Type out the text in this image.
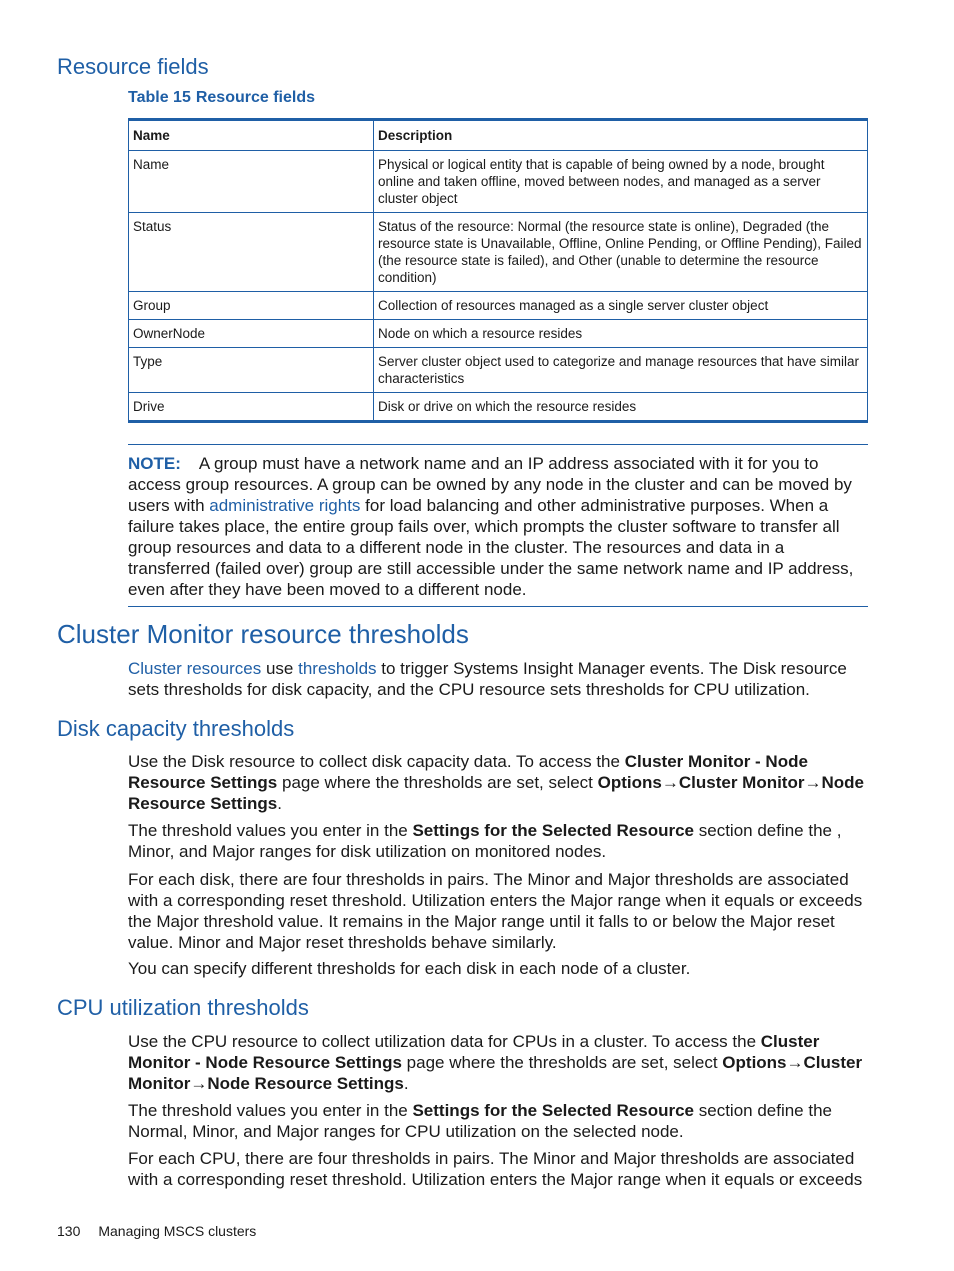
Resource fields
Table 15 Resource fields
Name	Description
Name	Physical or logical entity that is capable of being owned by a node, brought online and taken offline, moved between nodes, and managed as a server cluster object
Status	Status of the resource: Normal (the resource state is online), Degraded (the resource state is Unavailable, Offline, Online Pending, or Offline Pending), Failed (the resource state is failed), and Other (unable to determine the resource condition)
Group	Collection of resources managed as a single server cluster object
OwnerNode	Node on which a resource resides
Type	Server cluster object used to categorize and manage resources that have similar characteristics
Drive	Disk or drive on which the resource resides
NOTE: A group must have a network name and an IP address associated with it for you to access group resources. A group can be owned by any node in the cluster and can be moved by users with administrative rights for load balancing and other administrative purposes. When a failure takes place, the entire group fails over, which prompts the cluster software to transfer all group resources and data to a different node in the cluster. The resources and data in a transferred (failed over) group are still accessible under the same network name and IP address, even after they have been moved to a different node.
Cluster Monitor resource thresholds

Cluster resources use thresholds to trigger Systems Insight Manager events. The Disk resource sets thresholds for disk capacity, and the CPU resource sets thresholds for CPU utilization.

Disk capacity thresholds

Use the Disk resource to collect disk capacity data. To access the Cluster Monitor - Node Resource Settings page where the thresholds are set, select Options→Cluster Monitor→Node Resource Settings.

The threshold values you enter in the Settings for the Selected Resource section define the , Minor, and Major ranges for disk utilization on monitored nodes.

For each disk, there are four thresholds in pairs. The Minor and Major thresholds are associated with a corresponding reset threshold. Utilization enters the Major range when it equals or exceeds the Major threshold value. It remains in the Major range until it falls to or below the Major reset value. Minor and Major reset thresholds behave similarly.

You can specify different thresholds for each disk in each node of a cluster.

CPU utilization thresholds

Use the CPU resource to collect utilization data for CPUs in a cluster. To access the Cluster Monitor - Node Resource Settings page where the thresholds are set, select Options→Cluster Monitor→Node Resource Settings.

The threshold values you enter in the Settings for the Selected Resource section define the Normal, Minor, and Major ranges for CPU utilization on the selected node.

For each CPU, there are four thresholds in pairs. The Minor and Major thresholds are associated with a corresponding reset threshold. Utilization enters the Major range when it equals or exceeds

130 Managing MSCS clusters
